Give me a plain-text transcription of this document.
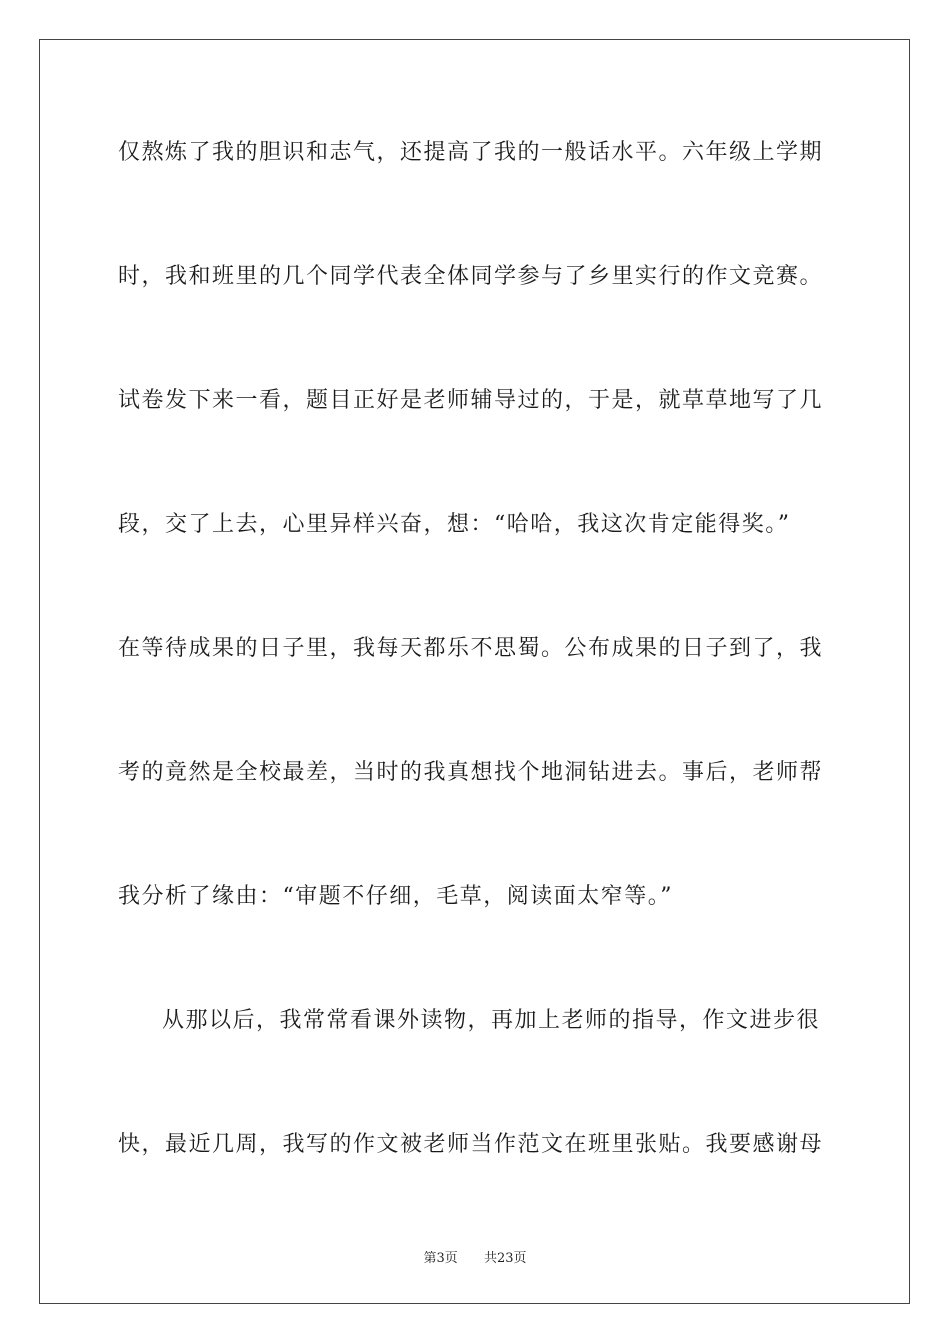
仅熬炼了我的胆识和志气，还提高了我的一般话水平。六年级上学期
时，我和班里的几个同学代表全体同学参与了乡里实行的作文竞赛。
试卷发下来一看，题目正好是老师辅导过的，于是，就草草地写了几
段，交了上去，心里异样兴奋，想：“哈哈，我这次肯定能得奖。”
在等待成果的日子里，我每天都乐不思蜀。公布成果的日子到了，我
考的竟然是全校最差，当时的我真想找个地洞钻进去。事后，老师帮
我分析了缘由：“审题不仔细，毛草，阅读面太窄等。”
从那以后，我常常看课外读物，再加上老师的指导，作文进步很
快，最近几周，我写的作文被老师当作范文在班里张贴。我要感谢母
第3页 共23页
